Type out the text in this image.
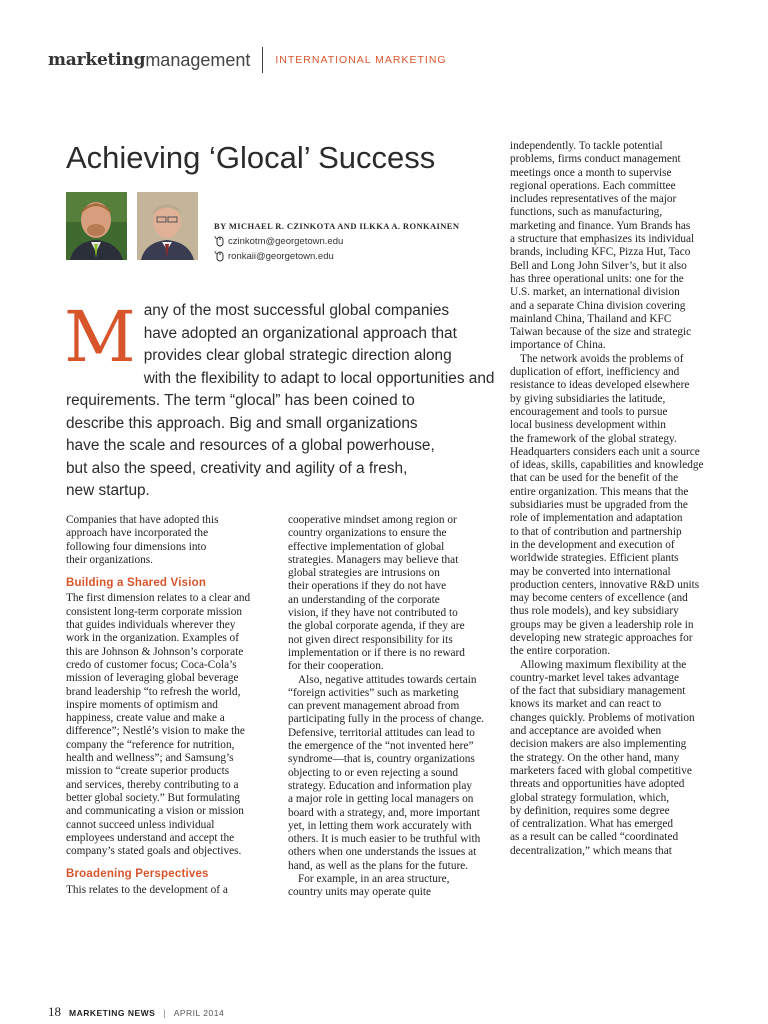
marketing management INTERNATIONAL MARKETING
Achieving ‘Glocal’ Success
BY MICHAEL R. CZINKOTA AND ILKKA A. RONKAINEN
czinkotm@georgetown.edu
ronkaii@georgetown.edu
M any of the most successful global companies
have adopted an organizational approach that
provides clear global strategic direction along
with the flexibility to adapt to local opportunities and
requirements. The term “glocal” has been coined to
describe this approach. Big and small organizations
have the scale and resources of a global powerhouse,
but also the speed, creativity and agility of a fresh,
new startup.
Companies that have adopted this
approach have incorporated the
following four dimensions into
their organizations.
Building a Shared Vision
The first dimension relates to a clear and
consistent long-term corporate mission
that guides individuals wherever they
work in the organization. Examples of
this are Johnson & Johnson’s corporate
credo of customer focus; Coca-Cola’s
mission of leveraging global beverage
brand leadership “to refresh the world,
inspire moments of optimism and
happiness, create value and make a
difference”; Nestlé’s vision to make the
company the “reference for nutrition,
health and wellness”; and Samsung’s
mission to “create superior products
and services, thereby contributing to a
better global society.” But formulating
and communicating a vision or mission
cannot succeed unless individual
employees understand and accept the
company’s stated goals and objectives.
Broadening Perspectives
This relates to the development of a
cooperative mindset among region or
country organizations to ensure the
effective implementation of global
strategies. Managers may believe that
global strategies are intrusions on
their operations if they do not have
an understanding of the corporate
vision, if they have not contributed to
the global corporate agenda, if they are
not given direct responsibility for its
implementation or if there is no reward
for their cooperation.
Also, negative attitudes towards certain
“foreign activities” such as marketing
can prevent management abroad from
participating fully in the process of change.
Defensive, territorial attitudes can lead to
the emergence of the “not invented here”
syndrome—that is, country organizations
objecting to or even rejecting a sound
strategy. Education and information play
a major role in getting local managers on
board with a strategy, and, more important
yet, in letting them work accurately with
others. It is much easier to be truthful with
others when one understands the issues at
hand, as well as the plans for the future.
For example, in an area structure,
country units may operate quite
independently. To tackle potential
problems, firms conduct management
meetings once a month to supervise
regional operations. Each committee
includes representatives of the major
functions, such as manufacturing,
marketing and finance. Yum Brands has
a structure that emphasizes its individual
brands, including KFC, Pizza Hut, Taco
Bell and Long John Silver’s, but it also
has three operational units: one for the
U.S. market, an international division
and a separate China division covering
mainland China, Thailand and KFC
Taiwan because of the size and strategic
importance of China.
The network avoids the problems of
duplication of effort, inefficiency and
resistance to ideas developed elsewhere
by giving subsidiaries the latitude,
encouragement and tools to pursue
local business development within
the framework of the global strategy.
Headquarters considers each unit a source
of ideas, skills, capabilities and knowledge
that can be used for the benefit of the
entire organization. This means that the
subsidiaries must be upgraded from the
role of implementation and adaptation
to that of contribution and partnership
in the development and execution of
worldwide strategies. Efficient plants
may be converted into international
production centers, innovative R&D units
may become centers of excellence (and
thus role models), and key subsidiary
groups may be given a leadership role in
developing new strategic approaches for
the entire corporation.
Allowing maximum flexibility at the
country-market level takes advantage
of the fact that subsidiary management
knows its market and can react to
changes quickly. Problems of motivation
and acceptance are avoided when
decision makers are also implementing
the strategy. On the other hand, many
marketers faced with global competitive
threats and opportunities have adopted
global strategy formulation, which,
by definition, requires some degree
of centralization. What has emerged
as a result can be called “coordinated
decentralization,” which means that
18 MARKETING NEWS | APRIL 2014
